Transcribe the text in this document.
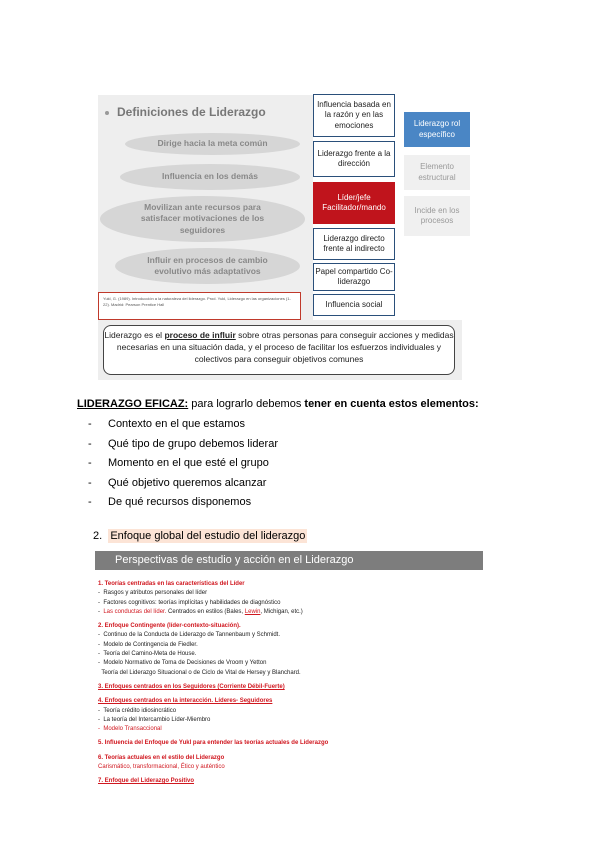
Definiciones de Liderazgo
Dirige hacia la meta común
Influencia en los demás
Movilizan ante recursos para satisfacer motivaciones de los seguidores
Influir en procesos de cambio evolutivo más adaptativos
Yukl, G. (1989). Introducción a la naturaleza del liderazgo. Prod. Yukl, Liderazgo en las organizaciones (1-22). Madrid: Pearson Prentice Hall
Influencia basada en la razón y en las emociones
Liderazgo frente a la dirección
Líder/jefe Facilitador/mando
Liderazgo directo frente al indirecto
Papel compartido Co-liderazgo
Influencia social
Liderazgo rol específico
Elemento estructural
Incide en los procesos
Liderazgo es el proceso de influir sobre otras personas para conseguir acciones y medidas necesarias en una situación dada, y el proceso de facilitar los esfuerzos individuales y colectivos para conseguir objetivos comunes
LIDERAZGO EFICAZ: para lograrlo debemos tener en cuenta estos elementos:
- Contexto en el que estamos
- Qué tipo de grupo debemos liderar
- Momento en el que esté el grupo
- Qué objetivo queremos alcanzar
- De qué recursos disponemos
2. Enfoque global del estudio del liderazgo
Perspectivas de estudio y acción en el Liderazgo
1. Teorías centradas en las características del Líder
-  Rasgos y atributos personales del líder
-  Factores cognitivos: teorías implícitas y habilidades de diagnóstico
-  Las conductas del líder. Centrados en estilos (Bales, Lewin, Michigan, etc.)
2. Enfoque Contingente (líder-contexto-situación).
-  Continuo de la Conducta de Liderazgo de Tannenbaum y Schmidt.
-  Modelo de Contingencia de Fiedler.
-  Teoría del Camino-Meta de House.
-  Modelo Normativo de Toma de Decisiones de Vroom y Yetton
Teoría del Liderazgo Situacional o de Ciclo de Vital de Hersey y Blanchard.
3. Enfoques centrados en los Seguidores (Corriente Débil-Fuerte)
4. Enfoques centrados en la interacción. Líderes- Seguidores
-  Teoría crédito idiosincrático
-  La teoría del Intercambio Líder-Miembro
-  Modelo Transaccional
5. Influencia del Enfoque de Yukl para entender las teorías actuales de Liderazgo
6. Teorías actuales en el estilo del Liderazgo
Carismático, transformacional, Ético y auténtico
7. Enfoque del Liderazgo Positivo
